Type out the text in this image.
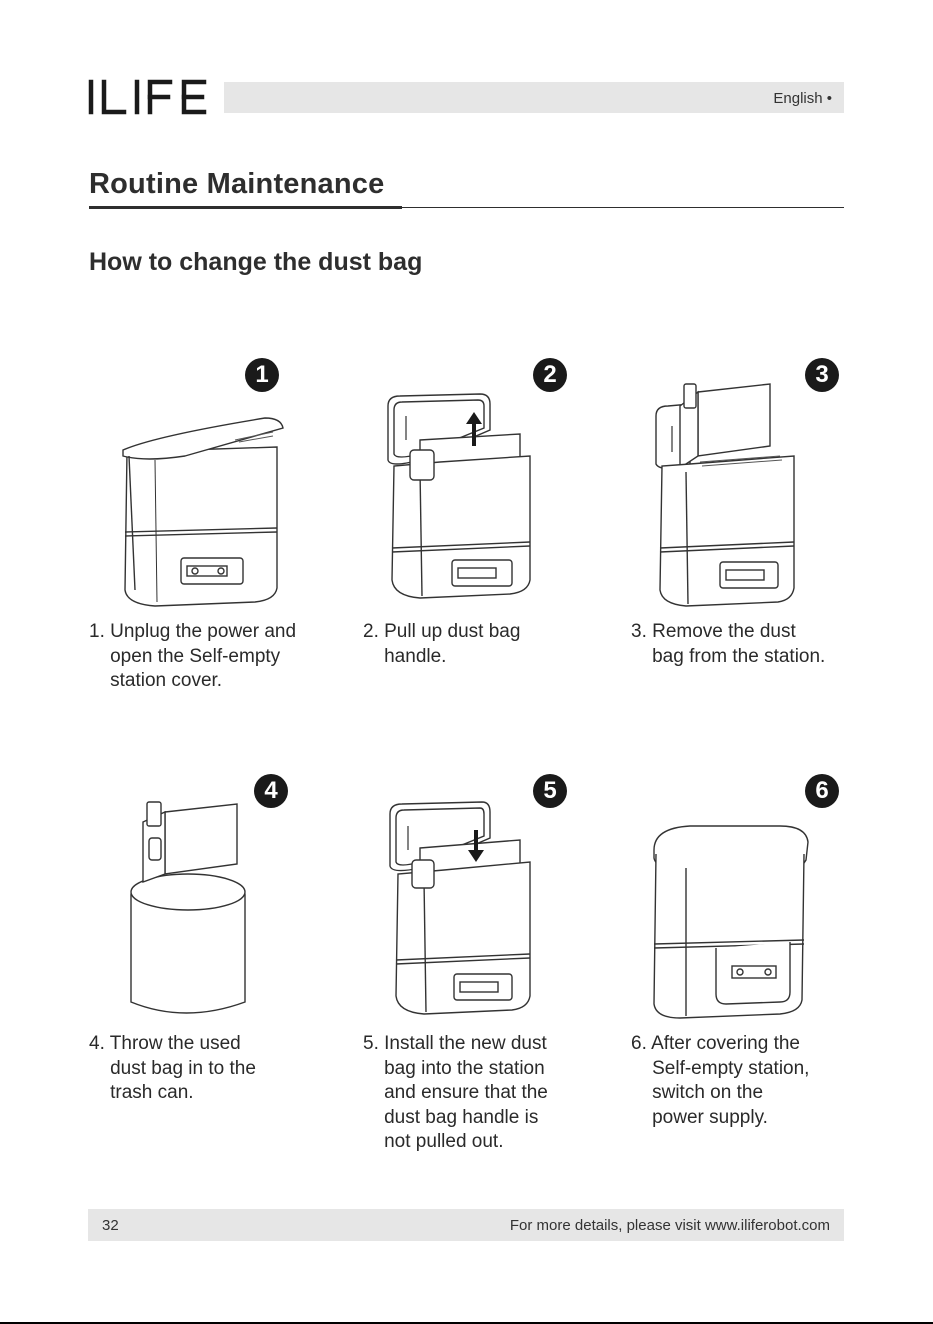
English •
Routine Maintenance
How to change the dust bag
1
1. Unplug the power and
open the Self-empty
station cover.
2
2. Pull up dust bag
handle.
3
3. Remove the dust
bag from the station.
4
4. Throw the used
dust bag in to the
trash can.
5
5. Install the new dust
bag into the station
and ensure that the
dust bag handle is
not pulled out.
6
6. After covering the
Self-empty station,
switch on the
power supply.
32	For more details, please visit www.iliferobot.com
